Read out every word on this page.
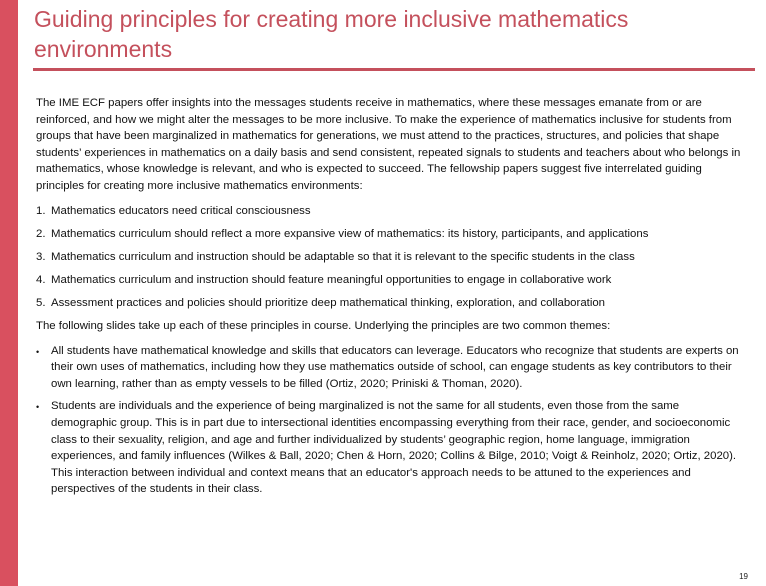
Guiding principles for creating more inclusive mathematics environments

The IME ECF papers offer insights into the messages students receive in mathematics, where these messages emanate from or are reinforced, and how we might alter the messages to be more inclusive. To make the experience of mathematics inclusive for students from groups that have been marginalized in mathematics for generations, we must attend to the practices, structures, and policies that shape students’ experiences in mathematics on a daily basis and send consistent, repeated signals to students and teachers about who belongs in mathematics, whose knowledge is relevant, and who is expected to succeed. The fellowship papers suggest five interrelated guiding principles for creating more inclusive mathematics environments:

1. Mathematics educators need critical consciousness
2. Mathematics curriculum should reflect a more expansive view of mathematics: its history, participants, and applications
3. Mathematics curriculum and instruction should be adaptable so that it is relevant to the specific students in the class
4. Mathematics curriculum and instruction should feature meaningful opportunities to engage in collaborative work
5. Assessment practices and policies should prioritize deep mathematical thinking, exploration, and collaboration

The following slides take up each of these principles in course. Underlying the principles are two common themes:

•	All students have mathematical knowledge and skills that educators can leverage. Educators who recognize that students are experts on their own uses of mathematics, including how they use mathematics outside of school, can engage students as key contributors to their own learning, rather than as empty vessels to be filled (Ortiz, 2020; Priniski & Thoman, 2020).
•	Students are individuals and the experience of being marginalized is not the same for all students, even those from the same demographic group. This is in part due to intersectional identities encompassing everything from their race, gender, and socioeconomic class to their sexuality, religion, and age and further individualized by students’ geographic region, home language, immigration experiences, and family influences (Wilkes & Ball, 2020; Chen & Horn, 2020; Collins & Bilge, 2010; Voigt & Reinholz, 2020; Ortiz, 2020). This interaction between individual and context means that an educator's approach needs to be attuned to the experiences and perspectives of the students in their class.
19
